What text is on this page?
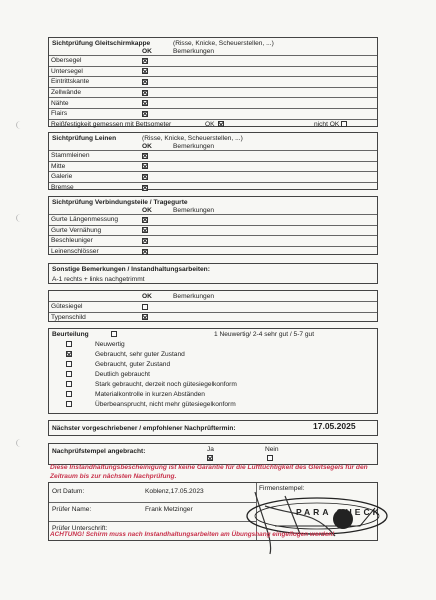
Sichtprüfung Gleitschirmkappe	(Risse, Knicke, Scheuerstellen, ...)
OK	Bemerkungen
Obersegel
Untersegel
Eintrittskante
Zellwände
Nähte
Flairs
Reißfestigkeit gemessen mit Bettsometer	OK	nicht OK
Sichtprüfung Leinen	(Risse, Knicke, Scheuerstellen, ...)
OK	Bemerkungen
Stammleinen
Mitte
Galerie
Bremse
Sichtprüfung Verbindungsteile / Tragegurte
OK	Bemerkungen
Gurte Längenmessung
Gurte Vernähung
Beschleuniger
Leinenschlösser
Sonstige Bemerkungen / Instandhaltungsarbeiten:
A-1 rechts + links nachgetrimmt
OK	Bemerkungen
Gütesiegel
Typenschild
Beurteilung	1 Neuwertig/ 2-4 sehr gut / 5-7 gut
Neuwertig
Gebraucht, sehr guter Zustand
Gebraucht, guter Zustand
Deutlich gebraucht
Stark gebraucht, derzeit noch gütesiegelkonform
Materialkontrolle in kurzen Abständen
Überbeansprucht, nicht mehr gütesiegelkonform
Nächster vorgeschriebener / empfohlener Nachprüftermin:	17.05.2025
Nachprüfstempel angebracht:	Ja	Nein
Diese Instandhaltungsbescheinigung ist keine Garantie für die Lufttüchtigkeit des Gleitsegels für den Zeitraum bis zur nächsten Nachprüfung.
Ort Datum:	Koblenz,17.05.2023
Prüfer Name:	Frank Metzinger
Prüfer Unterschrift:
Firmenstempel:
PARA CHECK
ACHTUNG! Schirm muss nach Instandhaltungsarbeiten am Übungshang eingeflogen werden!
